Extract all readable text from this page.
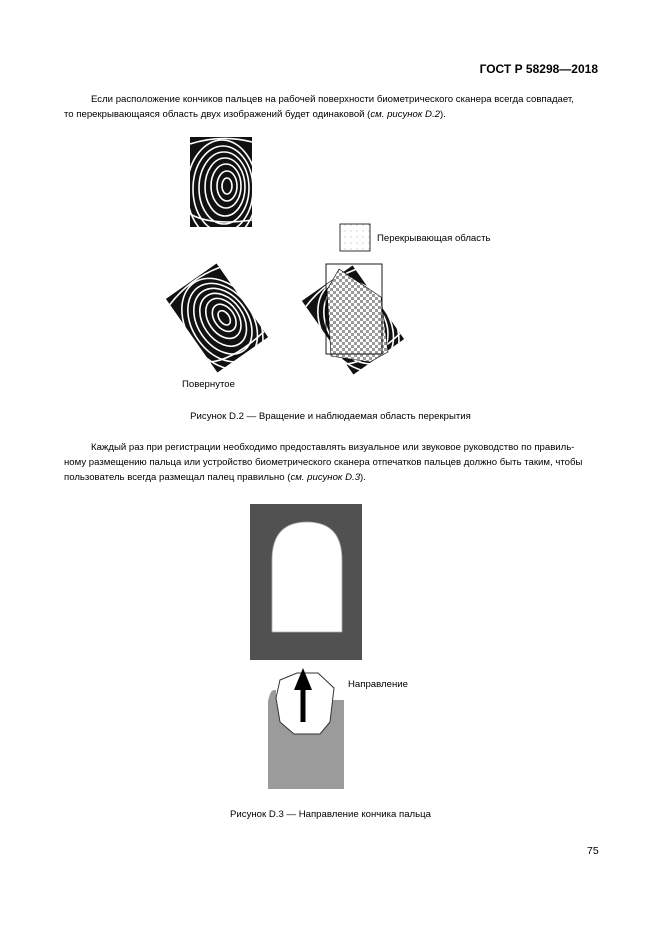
ГОСТ Р 58298—2018

Если расположение кончиков пальцев на рабочей поверхности биометрического сканера всегда совпадает,

то перекрывающаяся область двух изображений будет одинаковой (см. рисунок D.2).

Перекрывающая область
Повернутое
Рисунок D.2 — Вращение и наблюдаемая область перекрытия

Каждый раз при регистрации необходимо предоставлять визуальное или звуковое руководство по правиль-

ному размещению пальца или устройство биометрического сканера отпечатков пальцев должно быть таким, чтобы

пользователь всегда размещал палец правильно (см. рисунок D.3).

Направление
Рисунок D.3 — Направление кончика пальца
75
